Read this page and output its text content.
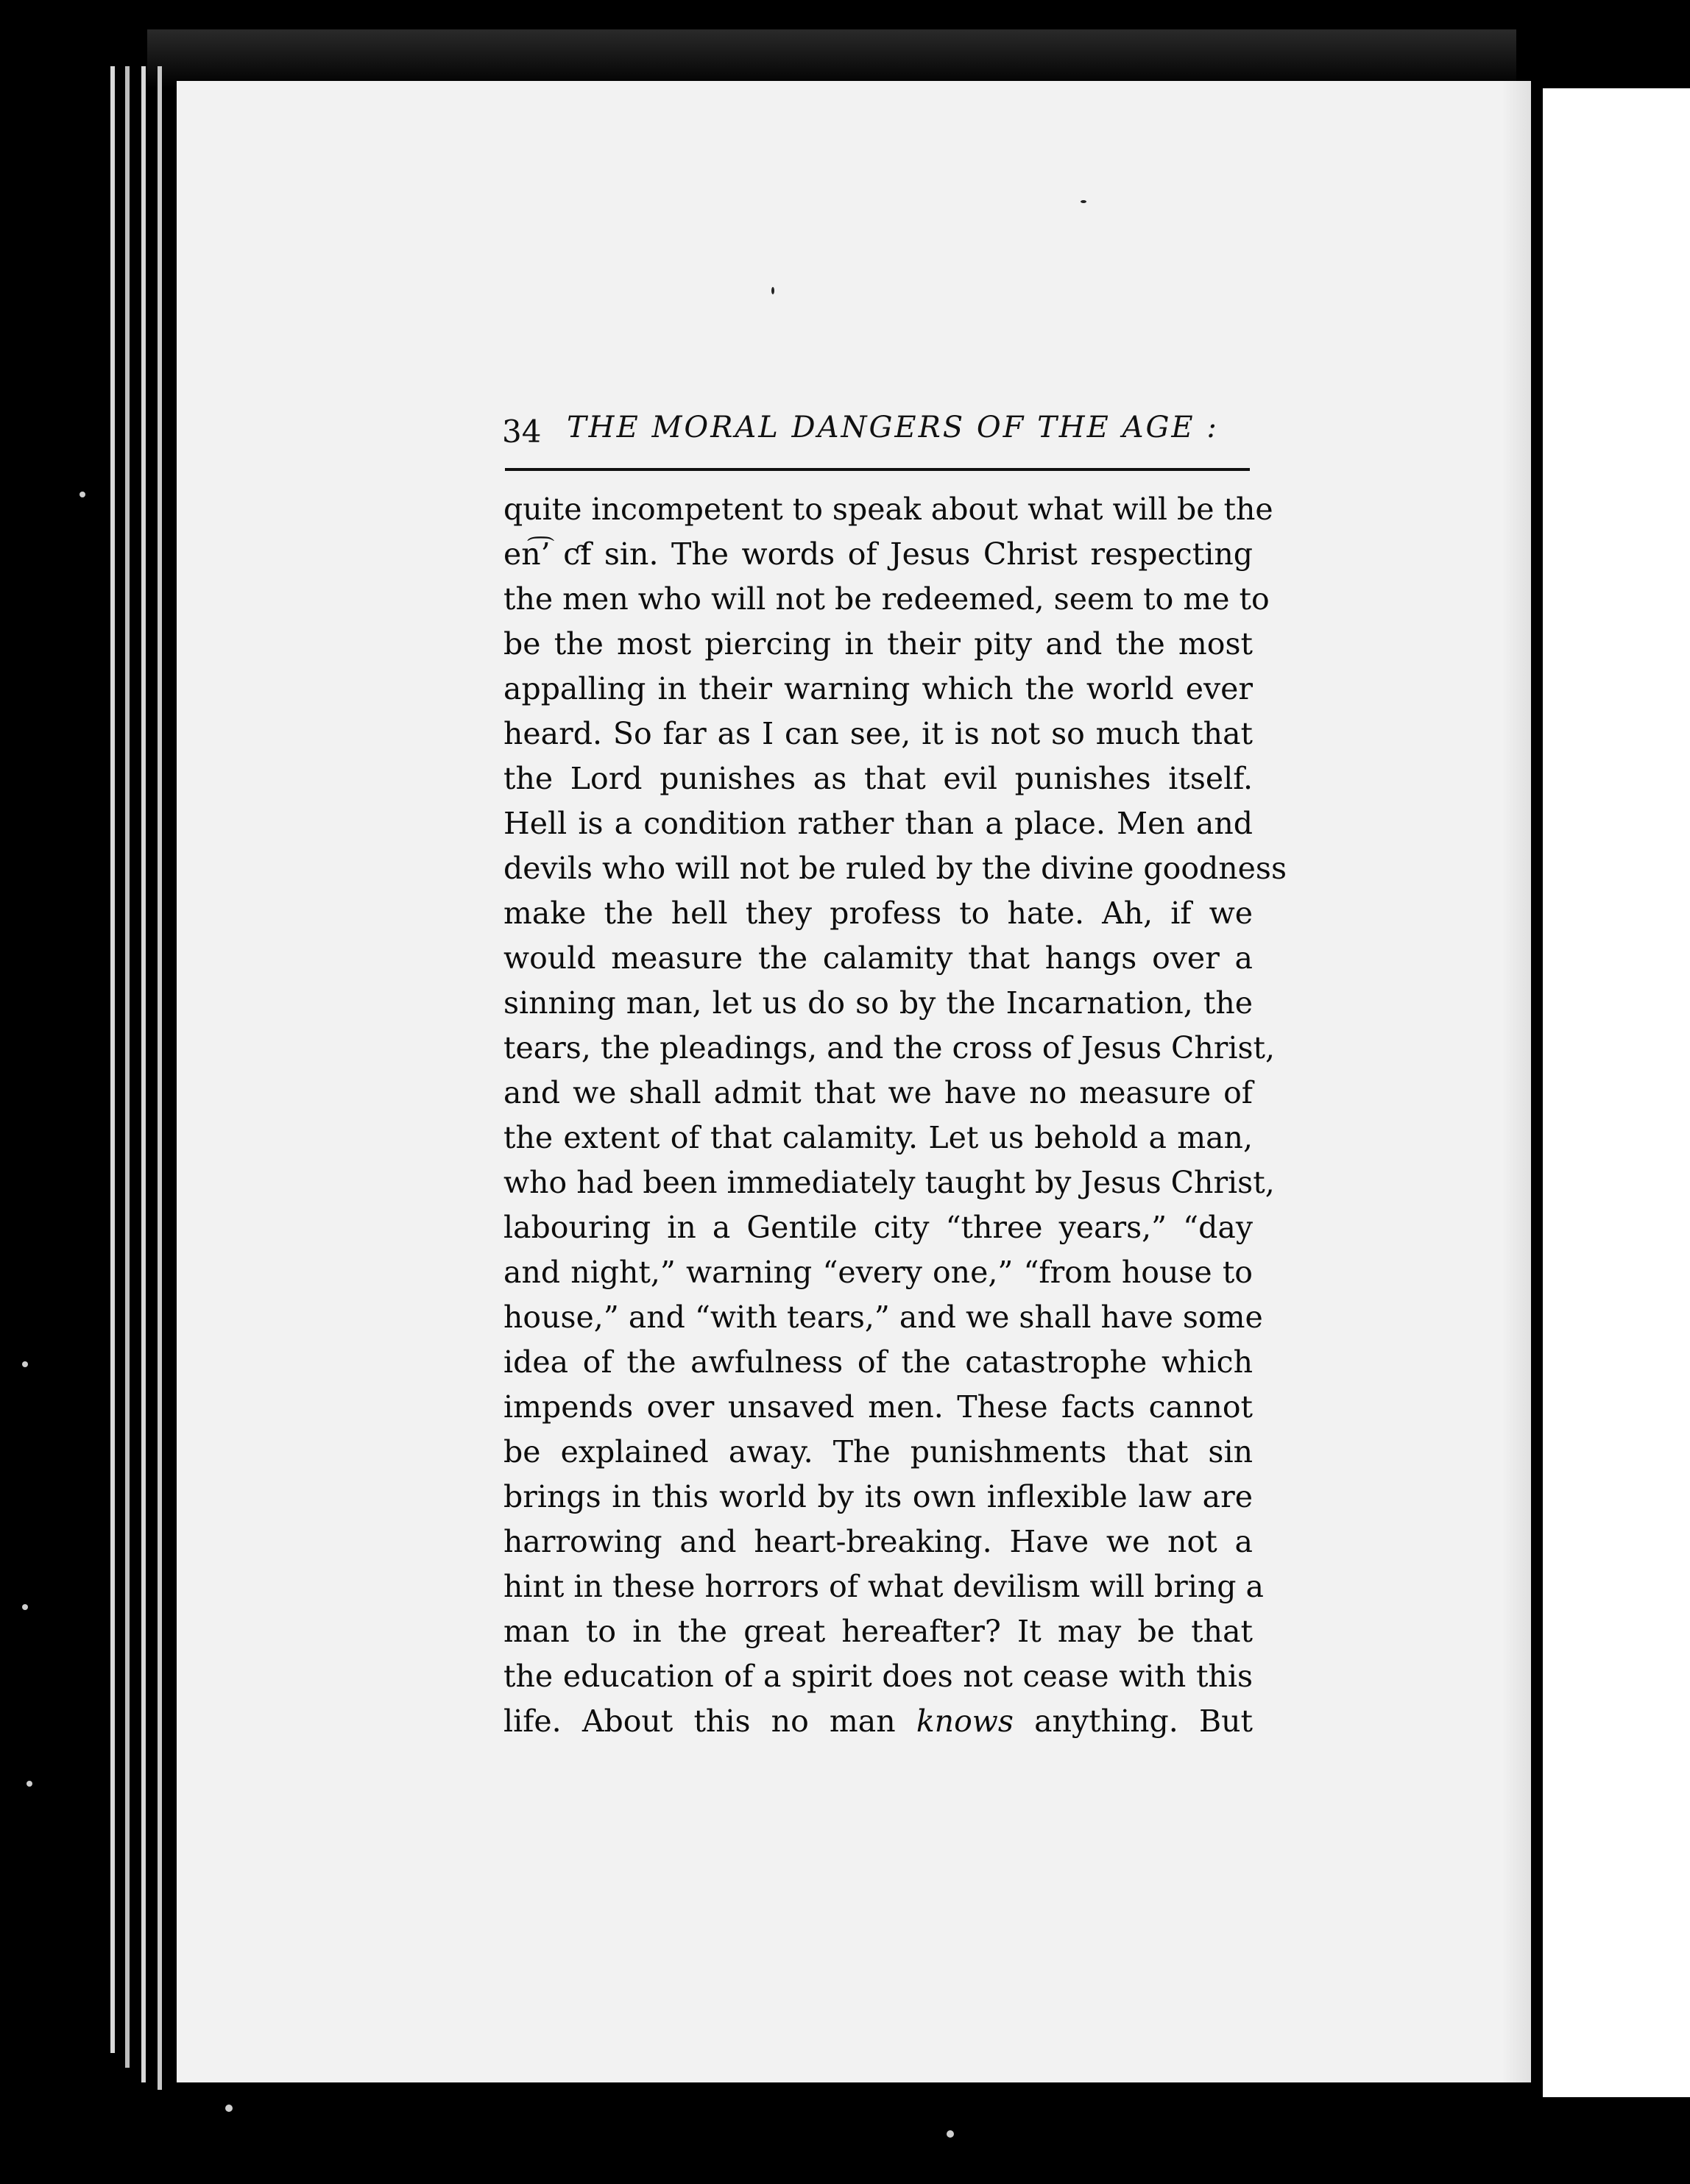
34 THE MORAL DANGERS OF THE AGE :
quite incompetent to speak about what will be the
en͡’ ƈf sin. The words of Jesus Christ respecting
the men who will not be redeemed, seem to me to
be the most piercing in their pity and the most
appalling in their warning which the world ever
heard. So far as I can see, it is not so much that
the Lord punishes as that evil punishes itself.
Hell is a condition rather than a place. Men and
devils who will not be ruled by the divine goodness
make the hell they profess to hate. Ah, if we
would measure the calamity that hangs over a
sinning man, let us do so by the Incarnation, the
tears, the pleadings, and the cross of Jesus Christ,
and we shall admit that we have no measure of
the extent of that calamity. Let us behold a man,
who had been immediately taught by Jesus Christ,
labouring in a Gentile city “three years,” “day
and night,” warning “every one,” “from house to
house,” and “with tears,” and we shall have some
idea of the awfulness of the catastrophe which
impends over unsaved men. These facts cannot
be explained away. The punishments that sin
brings in this world by its own inflexible law are
harrowing and heart-breaking. Have we not a
hint in these horrors of what devilism will bring a
man to in the great hereafter? It may be that
the education of a spirit does not cease with this
life. About this no man knows anything. But
